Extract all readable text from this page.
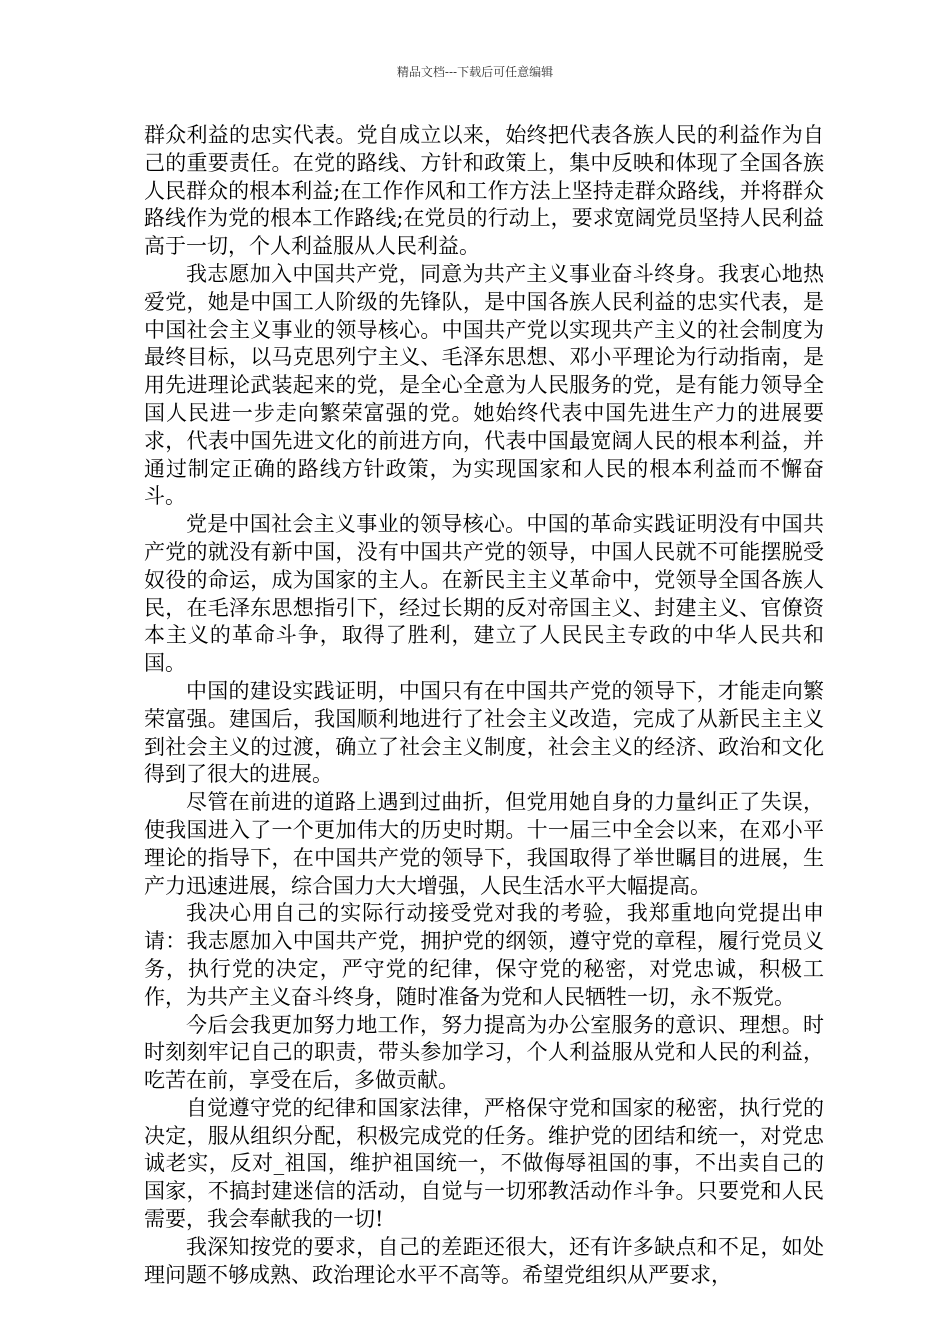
精品文档---下载后可任意编辑

群众利益的忠实代表。党自成立以来，始终把代表各族人民的利益作为自己的重要责任。在党的路线、方针和政策上，集中反映和体现了全国各族人民群众的根本利益;在工作作风和工作方法上坚持走群众路线，并将群众路线作为党的根本工作路线;在党员的行动上，要求宽阔党员坚持人民利益高于一切，个人利益服从人民利益。

我志愿加入中国共产党，同意为共产主义事业奋斗终身。我衷心地热爱党，她是中国工人阶级的先锋队，是中国各族人民利益的忠实代表，是中国社会主义事业的领导核心。中国共产党以实现共产主义的社会制度为最终目标，以马克思列宁主义、毛泽东思想、邓小平理论为行动指南，是用先进理论武装起来的党，是全心全意为人民服务的党，是有能力领导全国人民进一步走向繁荣富强的党。她始终代表中国先进生产力的进展要求，代表中国先进文化的前进方向，代表中国最宽阔人民的根本利益，并通过制定正确的路线方针政策，为实现国家和人民的根本利益而不懈奋斗。

党是中国社会主义事业的领导核心。中国的革命实践证明没有中国共产党的就没有新中国，没有中国共产党的领导，中国人民就不可能摆脱受奴役的命运，成为国家的主人。在新民主主义革命中，党领导全国各族人民，在毛泽东思想指引下，经过长期的反对帝国主义、封建主义、官僚资本主义的革命斗争，取得了胜利，建立了人民民主专政的中华人民共和国。

中国的建设实践证明，中国只有在中国共产党的领导下，才能走向繁荣富强。建国后，我国顺利地进行了社会主义改造，完成了从新民主主义到社会主义的过渡，确立了社会主义制度，社会主义的经济、政治和文化得到了很大的进展。

尽管在前进的道路上遇到过曲折，但党用她自身的力量纠正了失误，使我国进入了一个更加伟大的历史时期。十一届三中全会以来，在邓小平理论的指导下，在中国共产党的领导下，我国取得了举世瞩目的进展，生产力迅速进展，综合国力大大增强，人民生活水平大幅提高。

我决心用自己的实际行动接受党对我的考验，我郑重地向党提出申请：我志愿加入中国共产党，拥护党的纲领，遵守党的章程，履行党员义务，执行党的决定，严守党的纪律，保守党的秘密，对党忠诚，积极工作，为共产主义奋斗终身，随时准备为党和人民牺牲一切，永不叛党。

今后会我更加努力地工作，努力提高为办公室服务的意识、理想。时时刻刻牢记自己的职责，带头参加学习，个人利益服从党和人民的利益，吃苦在前，享受在后，多做贡献。

自觉遵守党的纪律和国家法律，严格保守党和国家的秘密，执行党的决定，服从组织分配，积极完成党的任务。维护党的团结和统一，对党忠诚老实，反对_祖国，维护祖国统一，不做侮辱祖国的事，不出卖自己的国家，不搞封建迷信的活动，自觉与一切邪教活动作斗争。只要党和人民需要，我会奉献我的一切!

我深知按党的要求，自己的差距还很大，还有许多缺点和不足，如处理问题不够成熟、政治理论水平不高等。希望党组织从严要求，
